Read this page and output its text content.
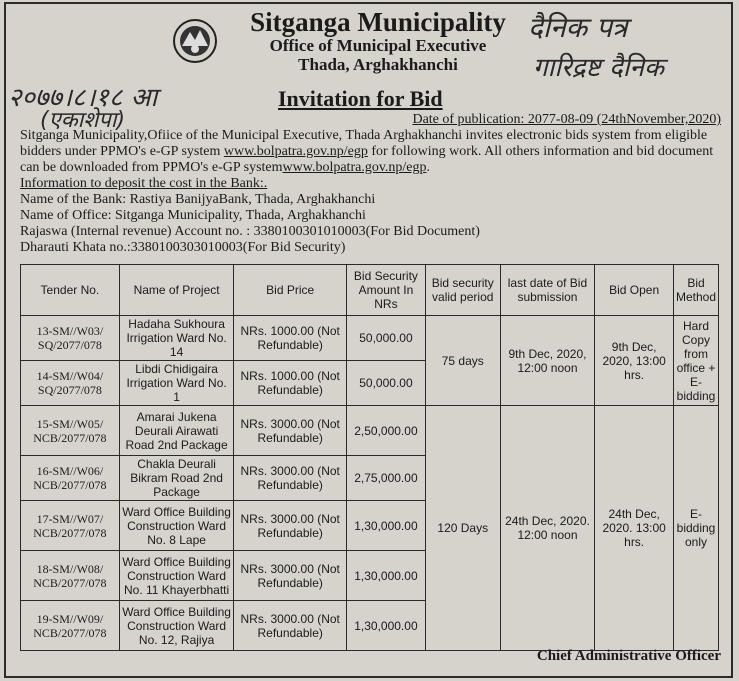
Sitganga Municipality
Office of Municipal Executive
Thada, Arghakhanchi
दैनिक पत्र
गारिद्रष्ट दैनिक
२०७७।८।१८ आ
(एकाशेपा)
Invitation for Bid
Date of publication: 2077-08-09 (24thNovember,2020)

Sitganga Municipality,Ofiice of the Municipal Executive, Thada Arghakhanchi invites electronic bids system from eligible bidders under PPMO's e-GP system www.bolpatra.gov.np/egp for following work. All others information and bid document can be downloaded from PPMO's e-GP systemwww.bolpatra.gov.np/egp.

Information to deposit the cost in the Bank:.

Name of the Bank: Rastiya BanijyaBank, Thada, Arghakhanchi

Name of Office: Sitganga Municipality, Thada, Arghakhanchi

Rajaswa (Internal revenue) Account no. : 3380100301010003(For Bid Document)

Dharauti Khata no.:3380100303010003(For Bid Security)

Tender No.	Name of Project	Bid Price	Bid Security Amount In NRs	Bid security valid period	last date of Bid submission	Bid Open	Bid Method
13-SM//W03/ SQ/2077/078	Hadaha Sukhoura Irrigation Ward No. 14	NRs. 1000.00 (Not Refundable)	50,000.00	75 days	9th Dec, 2020, 12:00 noon	9th Dec, 2020, 13:00 hrs.	Hard Copy from office + E-bidding
14-SM//W04/ SQ/2077/078	Libdi Chidigaira Irrigation Ward No. 1	NRs. 1000.00 (Not Refundable)	50,000.00				
15-SM//W05/ NCB/2077/078	Amarai Jukena Deurali Airawati Road 2nd Package	NRs. 3000.00 (Not Refundable)	2,50,000.00	120 Days	24th Dec, 2020. 12:00 noon	24th Dec, 2020. 13:00 hrs.	E-bidding only
16-SM//W06/ NCB/2077/078	Chakla Deurali Bikram Road 2nd Package	NRs. 3000.00 (Not Refundable)	2,75,000.00				
17-SM//W07/ NCB/2077/078	Ward Office Building Construction Ward No. 8 Lape	NRs. 3000.00 (Not Refundable)	1,30,000.00				
18-SM//W08/ NCB/2077/078	Ward Office Building Construction Ward No. 11 Khayerbhatti	NRs. 3000.00 (Not Refundable)	1,30,000.00				
19-SM//W09/ NCB/2077/078	Ward Office Building Construction Ward No. 12, Rajiya	NRs. 3000.00 (Not Refundable)	1,30,000.00				
Chief Administrative Officer
